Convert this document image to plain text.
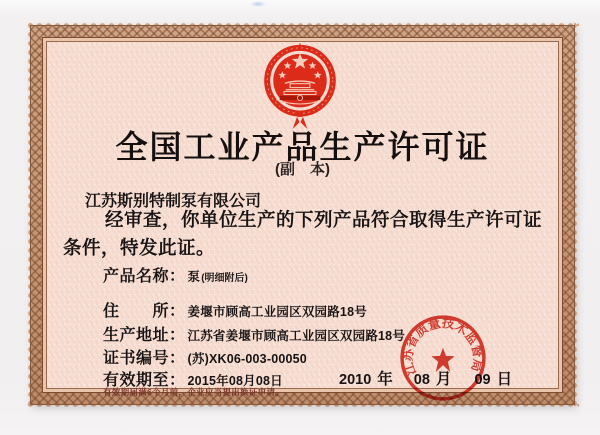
全国工业产品生产许可证
(副　本)
江苏斯别特制泵有限公司
经审查，你单位生产的下列产品符合取得生产许可证
条件，特发此证。
产品名称： 泵 (明细附后)
住　　所： 姜堰市顾高工业园区双园路18号
生产地址： 江苏省姜堰市顾高工业园区双园路18号
证书编号： (苏)XK06-003-00050
有效期至： 2015年08月08日	2010 年 08 月 09 日
有效期届满6个月前，企业应当提出换证申请。
江苏省质量技术监督局
